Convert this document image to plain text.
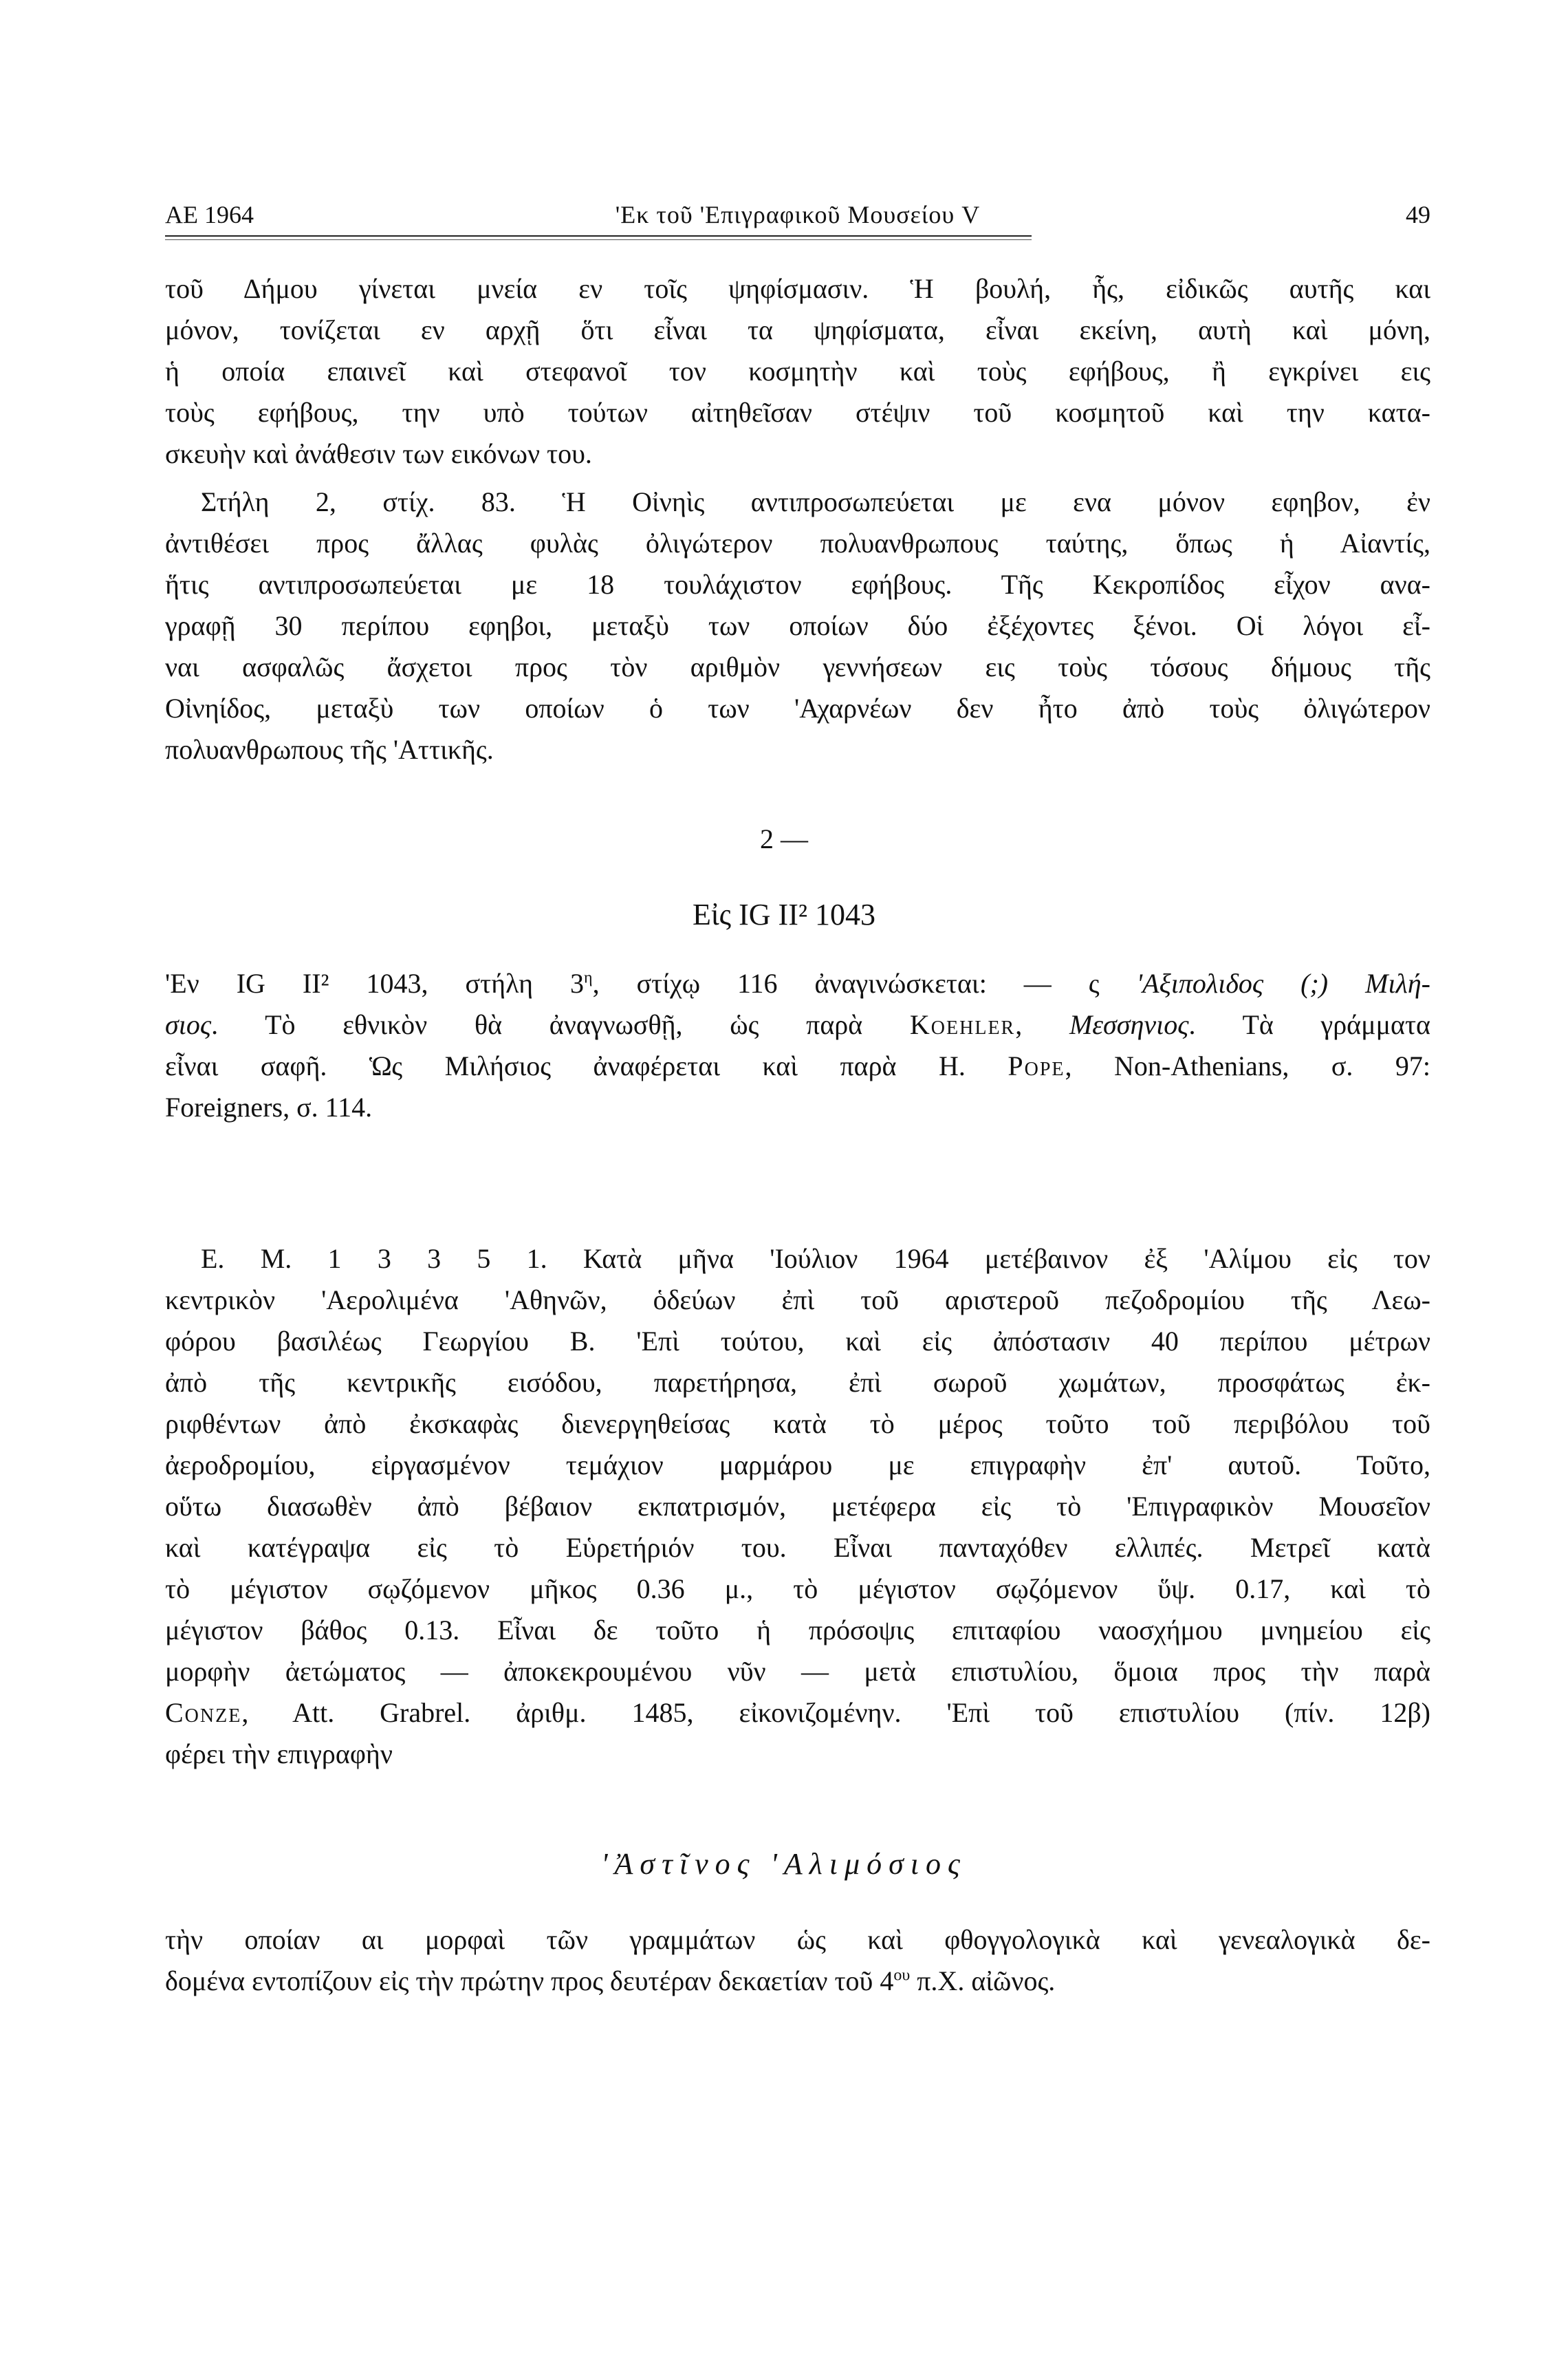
ΑΕ 1964	'Εκ τοῦ 'Επιγραφικοῦ Μουσείου V	49
τοῦ Δήμου γίνεται μνεία εν τοῖς ψηφίσμασιν. Ἡ βουλή, ἧς, εἰδικῶς αυτῆς και
μόνον, τονίζεται εν αρχῇ ὅτι εἶναι τα ψηφίσματα, εἶναι εκείνη, αυτὴ καὶ μόνη,
ἡ οποία επαινεῖ καὶ στεφανοῖ τον κοσμητὴν καὶ τοὺς εφήβους, ἢ εγκρίνει εις
τοὺς εφήβους, την υπὸ τούτων αἰτηθεῖσαν στέψιν τοῦ κοσμητοῦ καὶ την κατα-
σκευὴν καὶ ἀνάθεσιν των εικόνων του.
Στήλη 2, στίχ. 83. Ἡ Οἰνηὶς αντιπροσωπεύεται με ενα μόνον εφηβον, ἐν
ἀντιθέσει προς ἄλλας φυλὰς ὀλιγώτερον πολυανθρωπους ταύτης, ὅπως ἡ Αἰαντίς,
ἥτις αντιπροσωπεύεται με 18 τουλάχιστον εφήβους. Τῆς Κεκροπίδος εἶχον ανα-
γραφῇ 30 περίπου εφηβοι, μεταξὺ των οποίων δύο ἐξέχοντες ξένοι. Οἱ λόγοι εἶ-
ναι ασφαλῶς ἄσχετοι προς τὸν αριθμὸν γεννήσεων εις τοὺς τόσους δήμους τῆς
Οἰνηίδος, μεταξὺ των οποίων ὁ των 'Αχαρνέων δεν ἦτο ἀπὸ τοὺς ὀλιγώτερον
πολυανθρωπους τῆς 'Αττικῆς.
2 —
Εἰς IG II² 1043
'Εν IG II² 1043, στήλη $3^\eta$, στίχῳ 116 ἀναγινώσκεται: — ς 'Αξιπολιδος (;) Μιλή-
σιος. Τὸ εθνικὸν θὰ ἀναγνωσθῇ, ὡς παρὰ Koehler, Μεσσηνιος. Τὰ γράμματα
εἶναι σαφῆ. Ὡς Μιλήσιος ἀναφέρεται καὶ παρὰ Η. Pope, Non-Athenians, σ. 97:
Foreigners, σ. 114.
Ε. Μ. 1 3 3 5 1. Κατὰ μῆνα 'Ιούλιον 1964 μετέβαινον ἐξ 'Αλίμου εἰς τον
κεντρικὸν 'Αερολιμένα 'Αθηνῶν, ὁδεύων ἐπὶ τοῦ αριστεροῦ πεζοδρομίου τῆς Λεω-
φόρου βασιλέως Γεωργίου Β. 'Επὶ τούτου, καὶ εἰς ἀπόστασιν 40 περίπου μέτρων
ἀπὸ τῆς κεντρικῆς εισόδου, παρετήρησα, ἐπὶ σωροῦ χωμάτων, προσφάτως ἐκ-
ριφθέντων ἀπὸ ἐκσκαφὰς διενεργηθείσας κατὰ τὸ μέρος τοῦτο τοῦ περιβόλου τοῦ
ἀεροδρομίου, εἰργασμένον τεμάχιον μαρμάρου με επιγραφὴν ἐπ' αυτοῦ. Τοῦτο,
οὕτω διασωθὲν ἀπὸ βέβαιον εκπατρισμόν, μετέφερα εἰς τὸ 'Επιγραφικὸν Μουσεῖον
καὶ κατέγραψα εἰς τὸ Εὑρετήριόν του. Εἶναι πανταχόθεν ελλιπές. Μετρεῖ κατὰ
τὸ μέγιστον σῳζόμενον μῆκος 0.36 μ., τὸ μέγιστον σῳζόμενον ὕψ. 0.17, καὶ τὸ
μέγιστον βάθος 0.13. Εἶναι δε τοῦτο ἡ πρόσοψις επιταφίου ναοσχήμου μνημείου εἰς
μορφὴν ἀετώματος — ἀποκεκρουμένου νῦν — μετὰ επιστυλίου, ὅμοια προς τὴν παρὰ
Conze, Att. Grabrel. ἀριθμ. 1485, εἰκονιζομένην. 'Επὶ τοῦ επιστυλίου (πίν. 12β)
φέρει τὴν επιγραφὴν
'Ἀστῖνος 'Αλιμόσιος
τὴν οποίαν αι μορφαὶ τῶν γραμμάτων ὡς καὶ φθογγολογικὰ καὶ γενεαλογικὰ δε-
δομένα εντοπίζουν εἰς τὴν πρώτην προς δευτέραν δεκαετίαν τοῦ $4^{o\upsilon}$ π.Χ. αἰῶνος.
